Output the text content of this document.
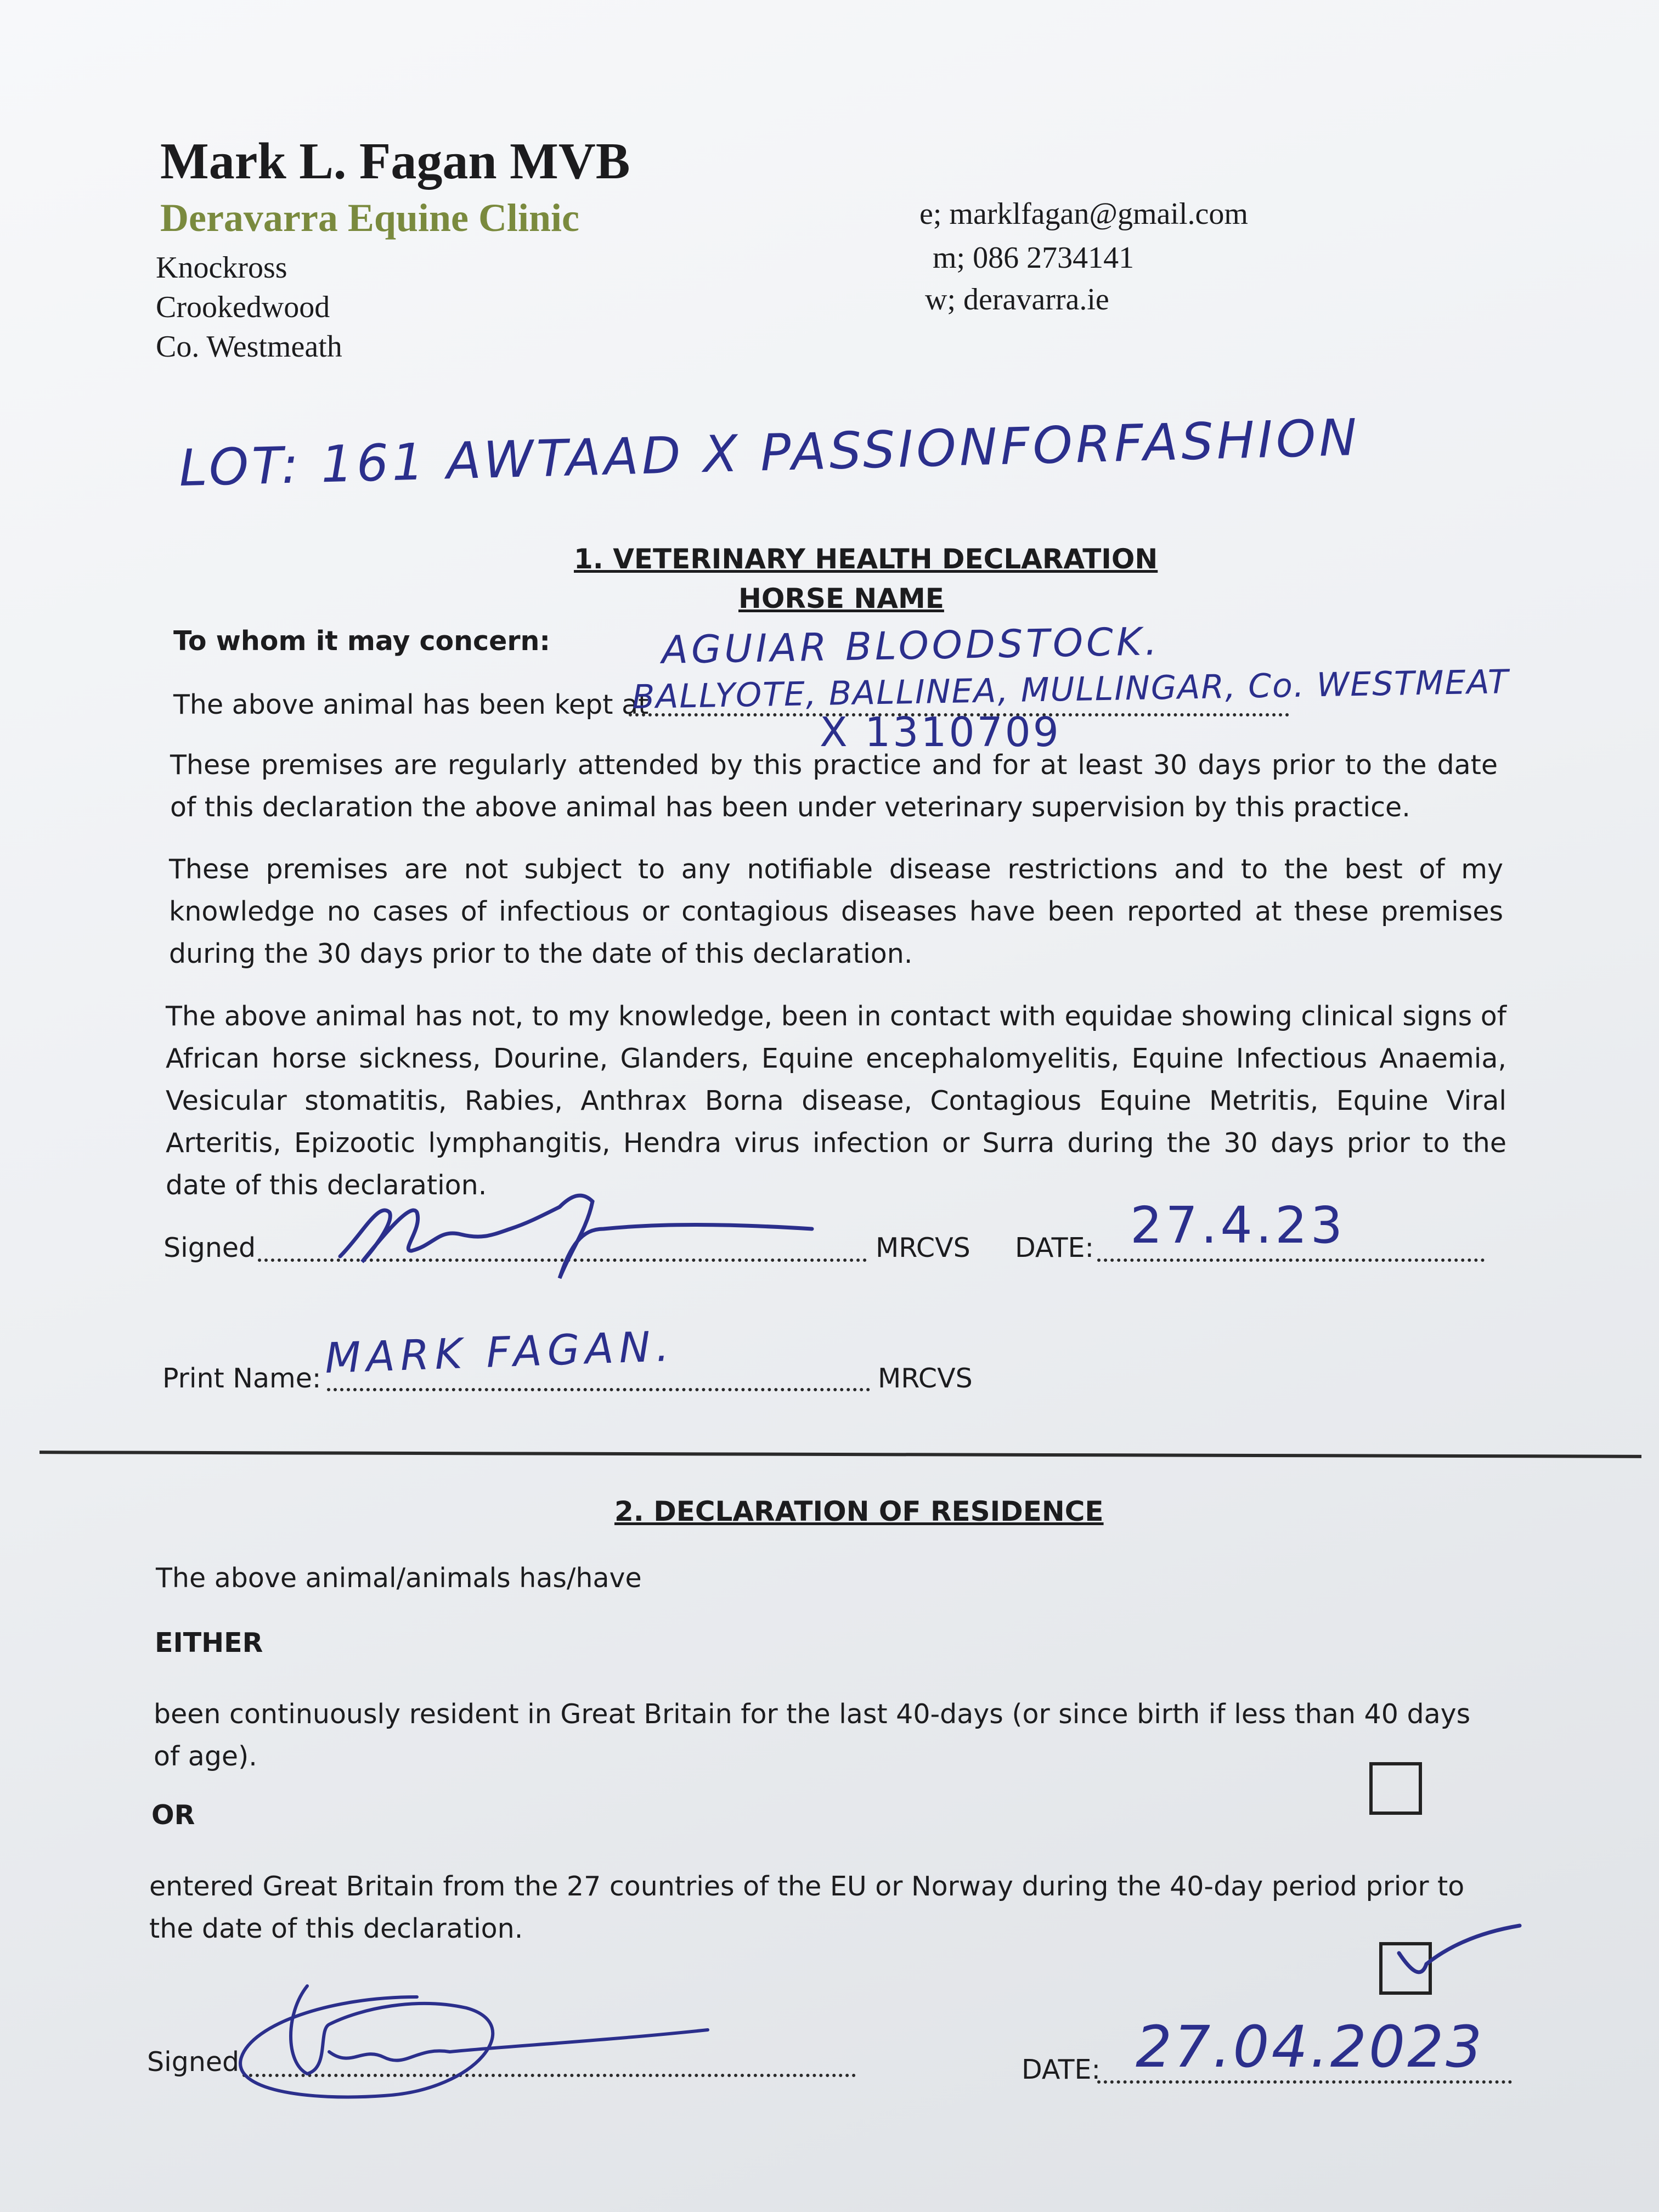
Mark L. Fagan MVB
Deravarra Equine Clinic
Knockross
Crookedwood
Co. Westmeath
e; marklfagan@gmail.com
m; 086 2734141
w; deravarra.ie
LOT: 161 AWTAAD X PASSIONFORFASHION
1. VETERINARY HEALTH DECLARATION
HORSE NAME
To whom it may concern:	AGUIAR BLOODSTOCK.
The above animal has been kept at
BALLYOTE, BALLINEA, MULLINGAR, Co. WESTMEAT
X 1310709
These premises are regularly attended by this practice and for at least 30 days prior to the date of this declaration the above animal has been under veterinary supervision by this practice.
These premises are not subject to any notifiable disease restrictions and to the best of my knowledge no cases of infectious or contagious diseases have been reported at these premises during the 30 days prior to the date of this declaration.
The above animal has not, to my knowledge, been in contact with equidae showing clinical signs of African horse sickness, Dourine, Glanders, Equine encephalomyelitis, Equine Infectious Anaemia, Vesicular stomatitis, Rabies, Anthrax Borna disease, Contagious Equine Metritis, Equine Viral Arteritis, Epizootic lymphangitis, Hendra virus infection or Surra during the 30 days prior to the date of this declaration.
Signed	MRCVS DATE: 27.4.23
Print Name: MARK FAGAN.	MRCVS
2. DECLARATION OF RESIDENCE
The above animal/animals has/have
EITHER
been continuously resident in Great Britain for the last 40-days (or since birth if less than 40 days of age).
OR
entered Great Britain from the 27 countries of the EU or Norway during the 40-day period prior to the date of this declaration.
Signed	DATE: 27.04.2023
